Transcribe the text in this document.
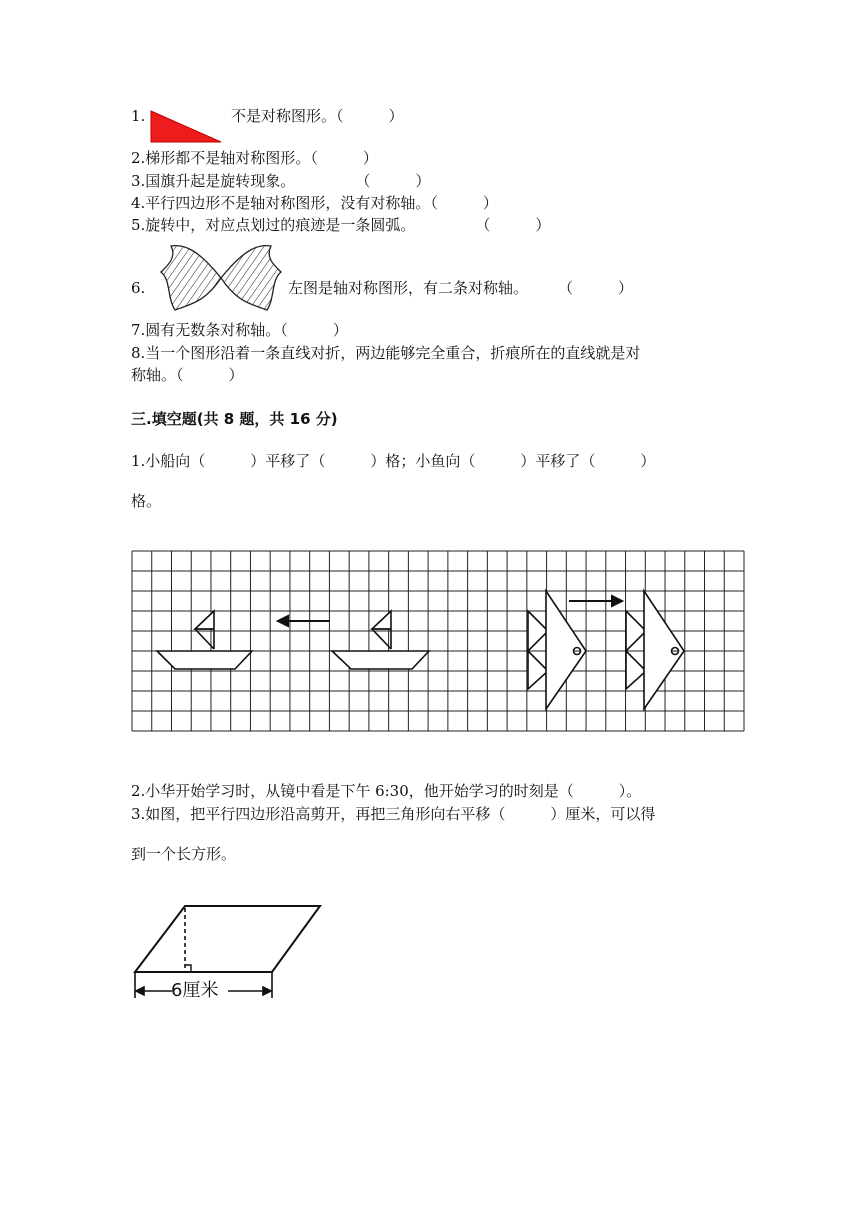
1.	不是对称图形。（　　　）
2.梯形都不是轴对称图形。（　　　）
3.国旗升起是旋转现象。　　　　　（　　　）
4.平行四边形不是轴对称图形，没有对称轴。（　　　）
5.旋转中，对应点划过的痕迹是一条圆弧。　　　　　（　　　）
6.	左图是轴对称图形，有二条对称轴。　　　（　　　）
7.圆有无数条对称轴。（　　　）
8.当一个图形沿着一条直线对折，两边能够完全重合，折痕所在的直线就是对
称轴。（　　　）
三.填空题(共 8 题，共 16 分)
1.小船向（　　　）平移了（　　　）格；小鱼向（　　　）平移了（　　　）
格。
2.小华开始学习时，从镜中看是下午 6:30，他开始学习的时刻是（　　　）。
3.如图，把平行四边形沿高剪开，再把三角形向右平移（　　　）厘米，可以得
到一个长方形。
6厘米
